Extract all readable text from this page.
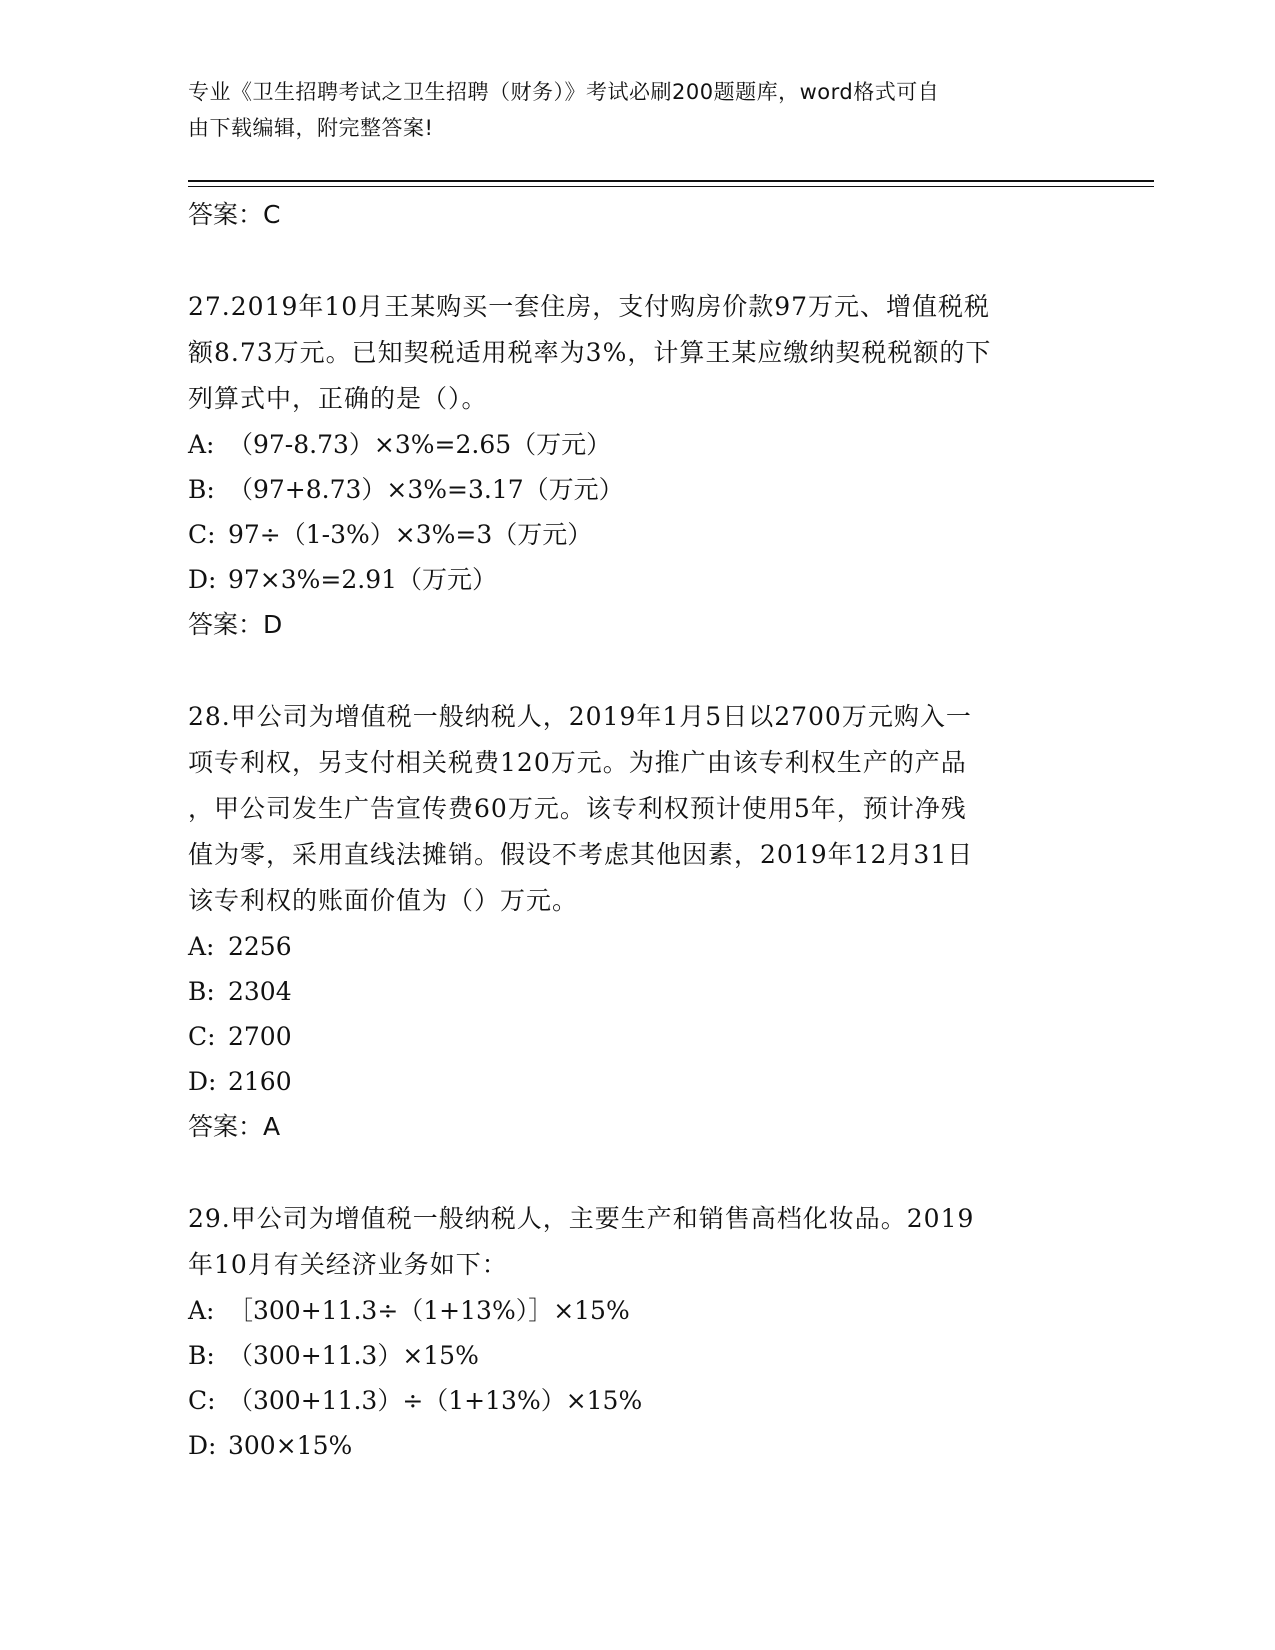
专业《卫生招聘考试之卫生招聘（财务）》考试必刷200题题库，word格式可自
由下载编辑，附完整答案!
答案：C
27.2019年10月王某购买一套住房，支付购房价款97万元、增值税税
额8.73万元。已知契税适用税率为3%，计算王某应缴纳契税税额的下
列算式中，正确的是（）。
A: （97-8.73）×3%=2.65（万元）
B: （97+8.73）×3%=3.17（万元）
C: 97÷（1-3%）×3%=3（万元）
D: 97×3%=2.91（万元）
答案：D
28.甲公司为增值税一般纳税人，2019年1月5日以2700万元购入一
项专利权，另支付相关税费120万元。为推广由该专利权生产的产品
，甲公司发生广告宣传费60万元。该专利权预计使用5年，预计净残
值为零，采用直线法摊销。假设不考虑其他因素，2019年12月31日
该专利权的账面价值为（）万元。
A: 2256
B: 2304
C: 2700
D: 2160
答案：A
29.甲公司为增值税一般纳税人，主要生产和销售高档化妆品。2019
年10月有关经济业务如下：
A: ［300+11.3÷（1+13%）］×15%
B: （300+11.3）×15%
C: （300+11.3）÷（1+13%）×15%
D: 300×15%
